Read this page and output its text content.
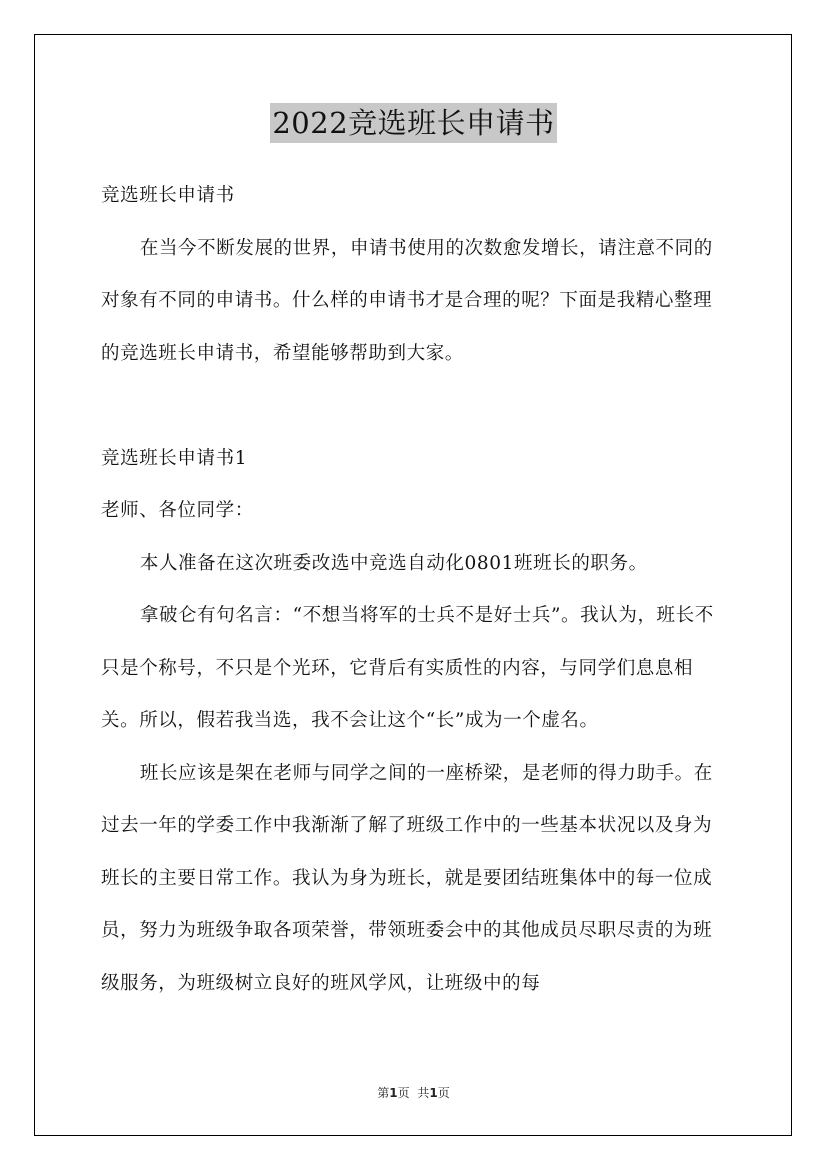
2022竞选班长申请书

竞选班长申请书

在当今不断发展的世界，申请书使用的次数愈发增长，请注意不同的对象有不同的申请书。什么样的申请书才是合理的呢？下面是我精心整理的竞选班长申请书，希望能够帮助到大家。

竞选班长申请书1

老师、各位同学：

本人准备在这次班委改选中竞选自动化0801班班长的职务。

拿破仑有句名言：“不想当将军的士兵不是好士兵”。我认为，班长不只是个称号，不只是个光环，它背后有实质性的内容，与同学们息息相关。所以，假若我当选，我不会让这个“长”成为一个虚名。

班长应该是架在老师与同学之间的一座桥梁，是老师的得力助手。在过去一年的学委工作中我渐渐了解了班级工作中的一些基本状况以及身为班长的主要日常工作。我认为身为班长，就是要团结班集体中的每一位成员，努力为班级争取各项荣誉，带领班委会中的其他成员尽职尽责的为班级服务，为班级树立良好的班风学风，让班级中的每

第1页 共1页
